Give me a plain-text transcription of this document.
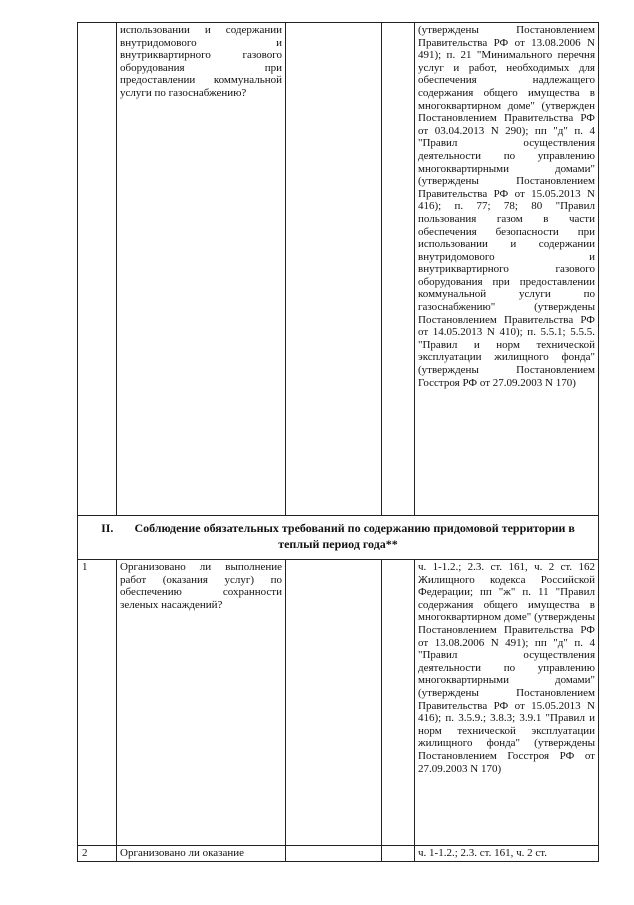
	использовании и содержании внутридомового и внутриквартирного газового оборудования при предоставлении коммунальной услуги по газоснабжению?			(утверждены Постановлением Правительства РФ от 13.08.2006 N 491); п. 21 "Минимального перечня услуг и работ, необходимых для обеспечения надлежащего содержания общего имущества в многоквартирном доме" (утвержден Постановлением Правительства РФ от 03.04.2013 N 290); пп "д" п. 4 "Правил осуществления деятельности по управлению многоквартирными домами" (утверждены Постановлением Правительства РФ от 15.05.2013 N 416); п. 77; 78; 80 "Правил пользования газом в части обеспечения безопасности при использовании и содержании внутридомового и внутриквартирного газового оборудования при предоставлении коммунальной услуги по газоснабжению" (утверждены Постановлением Правительства РФ от 14.05.2013 N 410); п. 5.5.1; 5.5.5. "Правил и норм технической эксплуатации жилищного фонда" (утверждены Постановлением Госстроя РФ от 27.09.2003 N 170)
II. Соблюдение обязательных требований по содержанию придомовой территории в теплый период года**				
1	Организовано ли выполнение работ (оказания услуг) по обеспечению сохранности зеленых насаждений?			ч. 1-1.2.; 2.3. ст. 161, ч. 2 ст. 162 Жилищного кодекса Российской Федерации; пп "ж" п. 11 "Правил содержания общего имущества в многоквартирном доме" (утверждены Постановлением Правительства РФ от 13.08.2006 N 491); пп "д" п. 4 "Правил осуществления деятельности по управлению многоквартирными домами" (утверждены Постановлением Правительства РФ от 15.05.2013 N 416); п. 3.5.9.; 3.8.3; 3.9.1 "Правил и норм технической эксплуатации жилищного фонда" (утверждены Постановлением Госстроя РФ от 27.09.2003 N 170)
2	Организовано ли оказание			ч. 1-1.2.; 2.3. ст. 161, ч. 2 ст.
